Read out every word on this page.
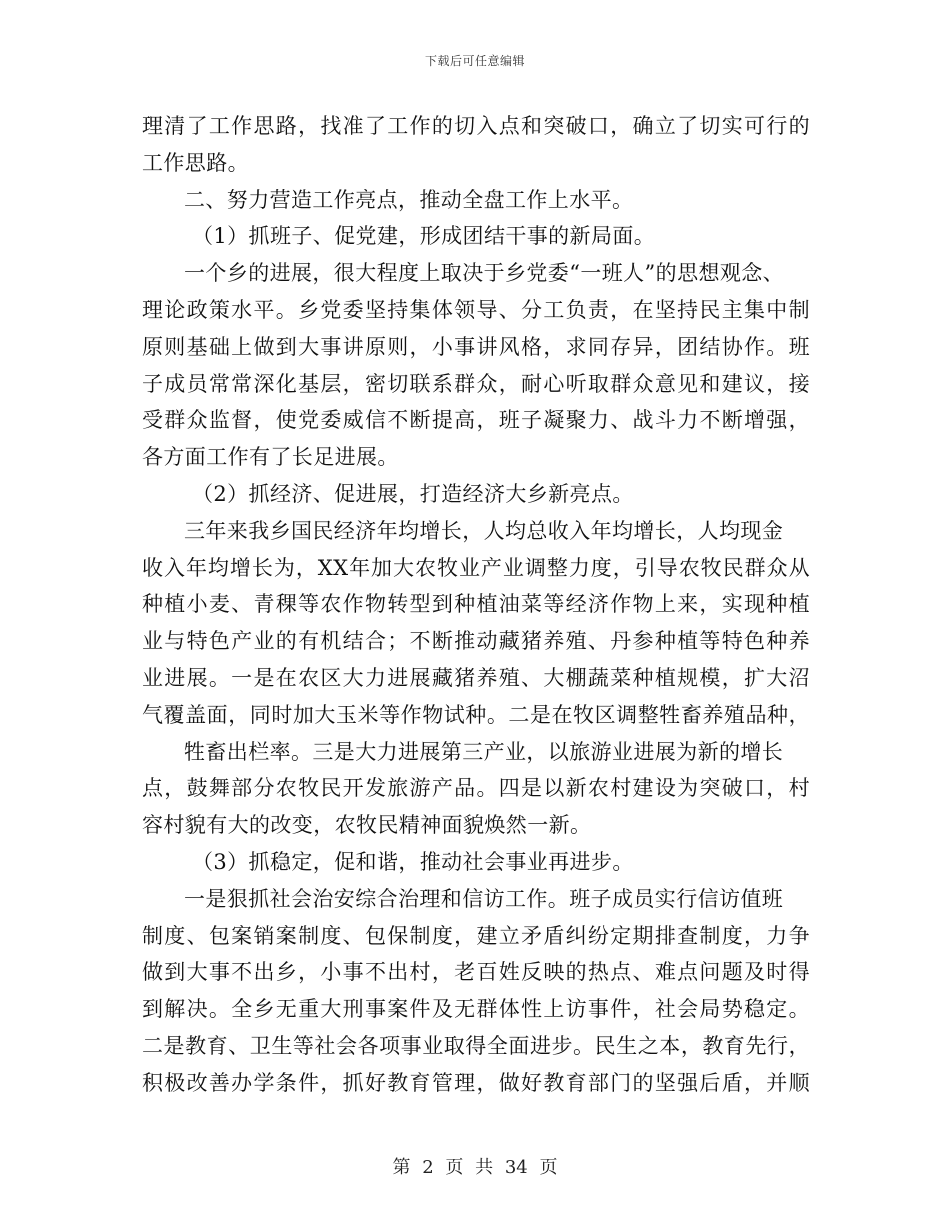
下载后可任意编辑
理清了工作思路，找准了工作的切入点和突破口，确立了切实可行的
工作思路。
二、努力营造工作亮点，推动全盘工作上水平。
（1）抓班子、促党建，形成团结干事的新局面。
一个乡的进展，很大程度上取决于乡党委“一班人”的思想观念、
理论政策水平。乡党委坚持集体领导、分工负责，在坚持民主集中制
原则基础上做到大事讲原则，小事讲风格，求同存异，团结协作。班
子成员常常深化基层，密切联系群众，耐心听取群众意见和建议，接
受群众监督，使党委威信不断提高，班子凝聚力、战斗力不断增强，
各方面工作有了长足进展。
（2）抓经济、促进展，打造经济大乡新亮点。
三年来我乡国民经济年均增长，人均总收入年均增长，人均现金
收入年均增长为，XX年加大农牧业产业调整力度，引导农牧民群众从
种植小麦、青稞等农作物转型到种植油菜等经济作物上来，实现种植
业与特色产业的有机结合；不断推动藏猪养殖、丹参种植等特色种养
业进展。一是在农区大力进展藏猪养殖、大棚蔬菜种植规模，扩大沼
气覆盖面，同时加大玉米等作物试种。二是在牧区调整牲畜养殖品种，
牲畜出栏率。三是大力进展第三产业，以旅游业进展为新的增长
点，鼓舞部分农牧民开发旅游产品。四是以新农村建设为突破口，村
容村貌有大的改变，农牧民精神面貌焕然一新。
（3）抓稳定，促和谐，推动社会事业再进步。
一是狠抓社会治安综合治理和信访工作。班子成员实行信访值班
制度、包案销案制度、包保制度，建立矛盾纠纷定期排查制度，力争
做到大事不出乡，小事不出村，老百姓反映的热点、难点问题及时得
到解决。全乡无重大刑事案件及无群体性上访事件，社会局势稳定。
二是教育、卫生等社会各项事业取得全面进步。民生之本，教育先行，
积极改善办学条件，抓好教育管理，做好教育部门的坚强后盾，并顺
第 2 页 共 34 页
